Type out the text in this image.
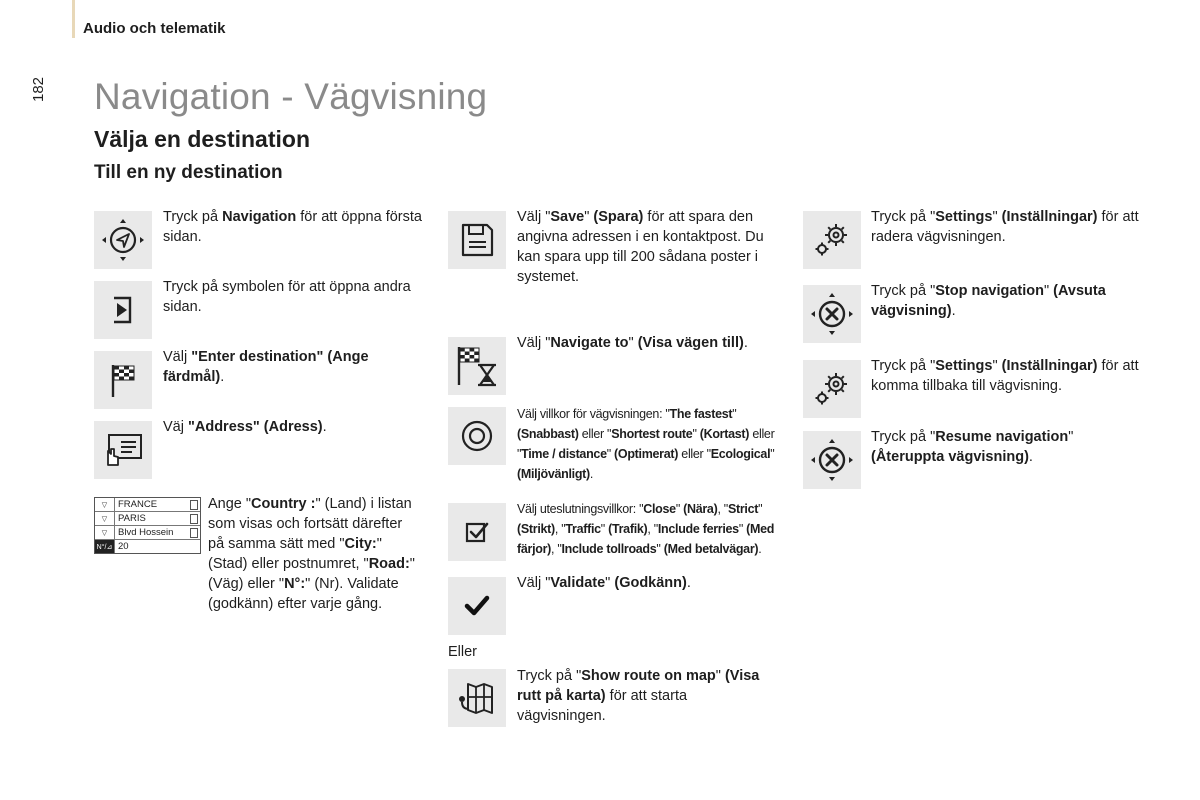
Audio och telematik
182 Navigation - Vägvisning
Välja en destination
Till en ny destination
Tryck på Navigation för att öppna första sidan.
Tryck på symbolen för att öppna andra sidan.
Välj "Enter destination" (Ange färdmål).
Väj "Address" (Adress).
▽	FRANCE
▽	PARIS
▽	Blvd Hossein
N°/⊿ 20
Ange "Country :" (Land) i listan som visas och fortsätt därefter på samma sätt med "City:" (Stad) eller postnumret, "Road:" (Väg) eller "N°:" (Nr). Validate (godkänn) efter varje gång.
Välj "Save" (Spara) för att spara den angivna adressen i en kontaktpost. Du kan spara upp till 200 sådana poster i systemet.
Välj "Navigate to" (Visa vägen till).
Välj villkor för vägvisningen: "The fastest" (Snabbast) eller "Shortest route" (Kortast) eller "Time / distance" (Optimerat) eller "Ecological" (Miljövänligt).
Välj uteslutningsvillkor: "Close" (Nära), "Strict" (Strikt), "Traffic" (Trafik), "Include ferries" (Med färjor), "Include tollroads" (Med betalvägar).
Välj "Validate" (Godkänn).
Eller
Tryck på "Show route on map" (Visa rutt på karta) för att starta vägvisningen.
Tryck på "Settings" (Inställningar) för att radera vägvisningen.
Tryck på "Stop navigation" (Avsuta vägvisning).
Tryck på "Settings" (Inställningar) för att komma tillbaka till vägvisning.
Tryck på "Resume navigation" (Återuppta vägvisning).
